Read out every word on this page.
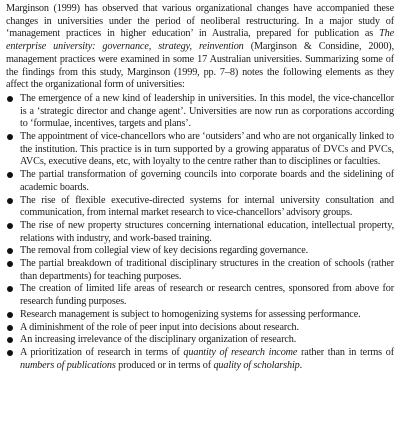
Marginson (1999) has observed that various organizational changes have accompanied these changes in universities under the period of neoliberal restructuring. In a major study of ‘management practices in higher education’ in Australia, prepared for publication as The enterprise university: governance, strategy, reinvention (Marginson & Considine, 2000), management practices were examined in some 17 Australian universities. Summarizing some of the findings from this study, Marginson (1999, pp. 7–8) notes the following elements as they affect the organizational form of universities:

The emergence of a new kind of leadership in universities. In this model, the vice-chancellor is a ‘strategic director and change agent’. Universities are now run as corporations according to ‘formulae, incentives, targets and plans’.
The appointment of vice-chancellors who are ‘outsiders’ and who are not organically linked to the institution. This practice is in turn supported by a growing apparatus of DVCs and PVCs, AVCs, executive deans, etc, with loyalty to the centre rather than to disciplines or faculties.
The partial transformation of governing councils into corporate boards and the sidelining of academic boards.
The rise of flexible executive-directed systems for internal university consultation and communication, from internal market research to vice-chancellors’ advisory groups.
The rise of new property structures concerning international education, intellectual property, relations with industry, and work-based training.
The removal from collegial view of key decisions regarding governance.
The partial breakdown of traditional disciplinary structures in the creation of schools (rather than departments) for teaching purposes.
The creation of limited life areas of research or research centres, sponsored from above for research funding purposes.
Research management is subject to homogenizing systems for assessing performance.
A diminishment of the role of peer input into decisions about research.
An increasing irrelevance of the disciplinary organization of research.
A prioritization of research in terms of quantity of research income rather than in terms of numbers of publications produced or in terms of quality of scholarship.
